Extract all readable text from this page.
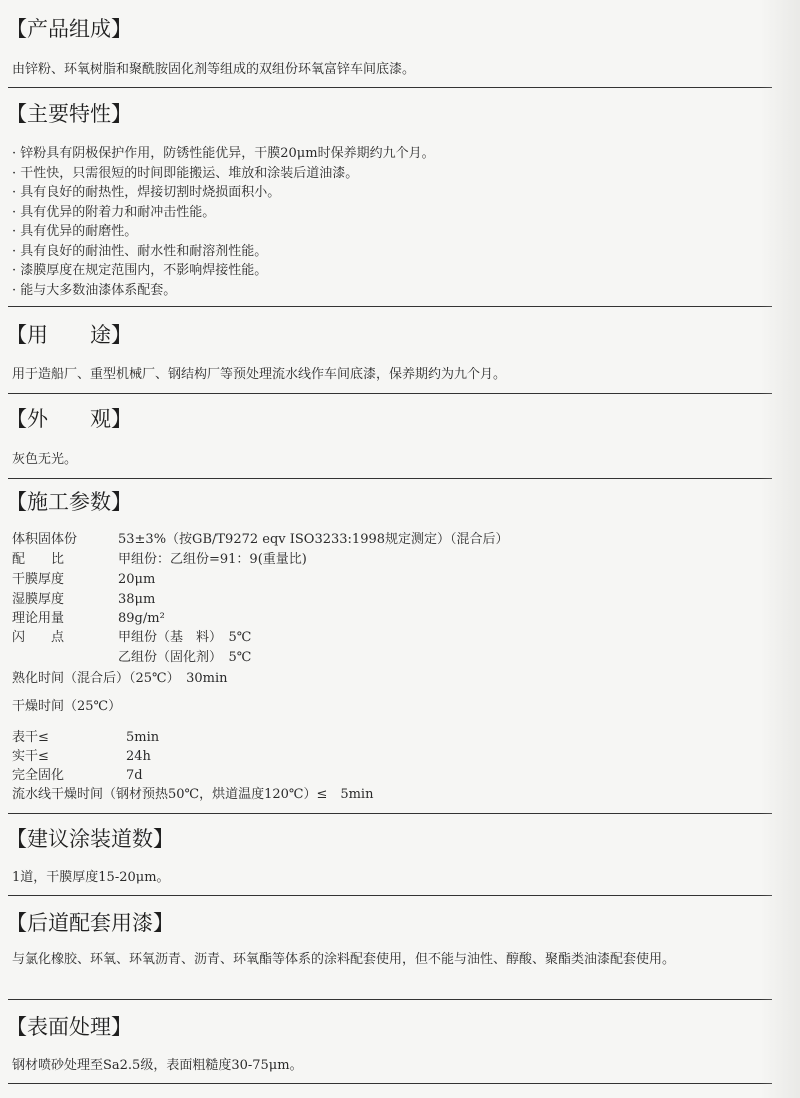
【产品组成】
由锌粉、环氧树脂和聚酰胺固化剂等组成的双组份环氧富锌车间底漆。
【主要特性】
· 锌粉具有阴极保护作用，防锈性能优异，干膜20μm时保养期约九个月。
· 干性快，只需很短的时间即能搬运、堆放和涂装后道油漆。
· 具有良好的耐热性，焊接切割时烧损面积小。
· 具有优异的附着力和耐冲击性能。
· 具有优异的耐磨性。
· 具有良好的耐油性、耐水性和耐溶剂性能。
· 漆膜厚度在规定范围内，不影响焊接性能。
· 能与大多数油漆体系配套。
【用　　途】
用于造船厂、重型机械厂、钢结构厂等预处理流水线作车间底漆，保养期约为九个月。
【外　　观】
灰色无光。
【施工参数】
体积固体份	53±3%（按GB/T9272 eqv ISO3233:1998规定测定）（混合后）
配　　比	甲组份：乙组份=91：9(重量比)
干膜厚度	20μm
湿膜厚度	38μm
理论用量	89g/m²
闪　　点	甲组份（基　料）　5℃
乙组份（固化剂）　5℃
熟化时间（混合后）（25℃）　30min
干燥时间（25℃）
表干≤	5min
实干≤	24h
完全固化	7d
流水线干燥时间（钢材预热50℃，烘道温度120℃）≤　5min
【建议涂装道数】
1道，干膜厚度15-20μm。
【后道配套用漆】
与氯化橡胶、环氧、环氧沥青、沥青、环氧酯等体系的涂料配套使用，但不能与油性、醇酸、聚酯类油漆配套使用。
【表面处理】
钢材喷砂处理至Sa2.5级，表面粗糙度30-75μm。
